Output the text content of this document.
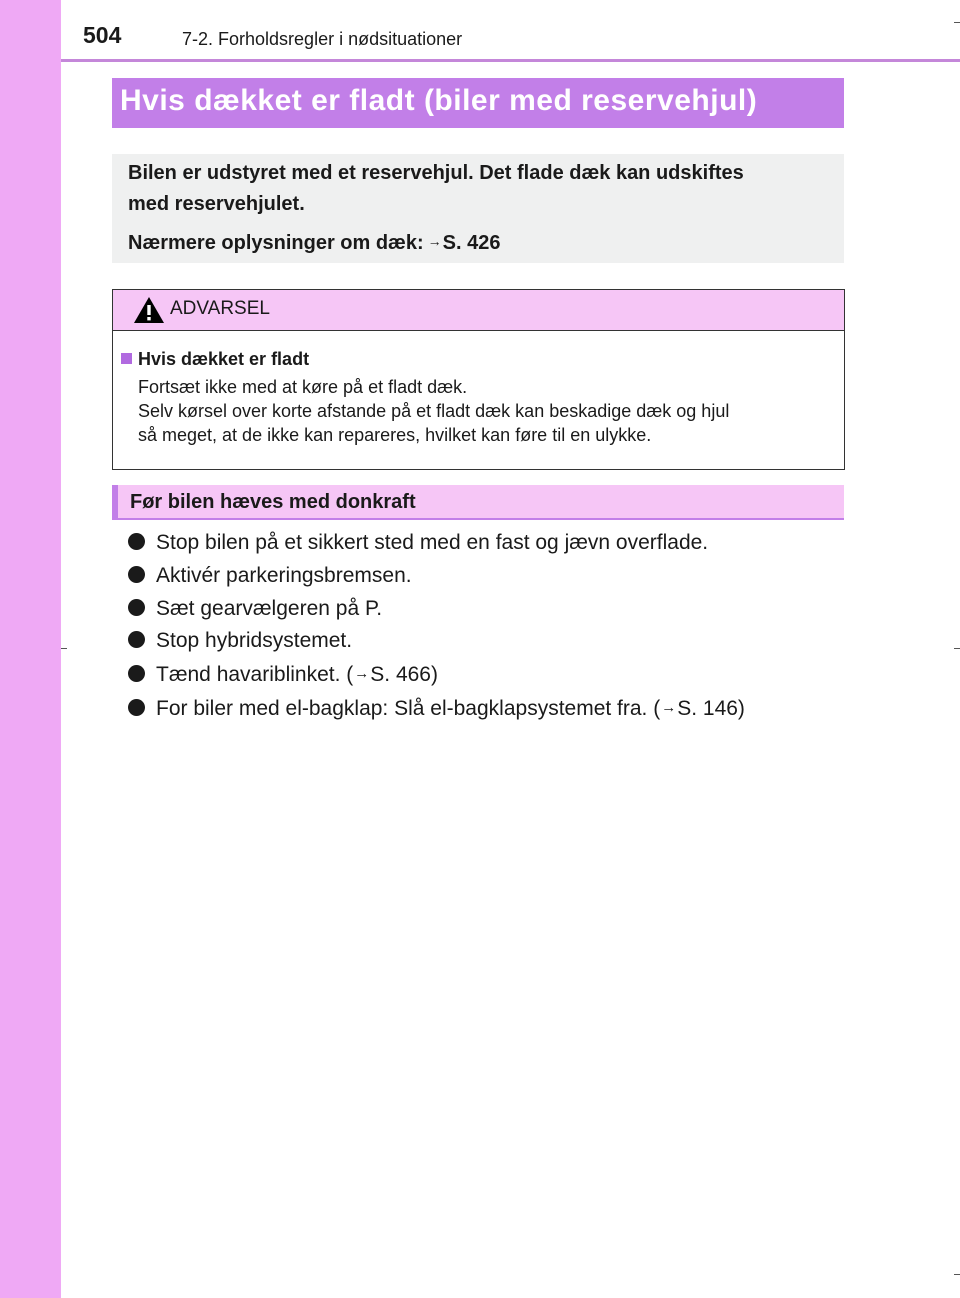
504	7-2. Forholdsregler i nødsituationer
Hvis dækket er fladt (biler med reservehjul)

Bilen er udstyret med et reservehjul. Det flade dæk kan udskiftes

med reservehjulet.

Nærmere oplysninger om dæk: →S. 426

ADVARSEL
Hvis dækket er fladt

Fortsæt ikke med at køre på et fladt dæk.

Selv kørsel over korte afstande på et fladt dæk kan beskadige dæk og hjul

så meget, at de ikke kan repareres, hvilket kan føre til en ulykke.

Før bilen hæves med donkraft
Stop bilen på et sikkert sted med en fast og jævn overflade.
Aktivér parkeringsbremsen.
Sæt gearvælgeren på P.
Stop hybridsystemet.
Tænd havariblinket. (→S. 466)
For biler med el-bagklap: Slå el-bagklapsystemet fra. (→S. 146)
